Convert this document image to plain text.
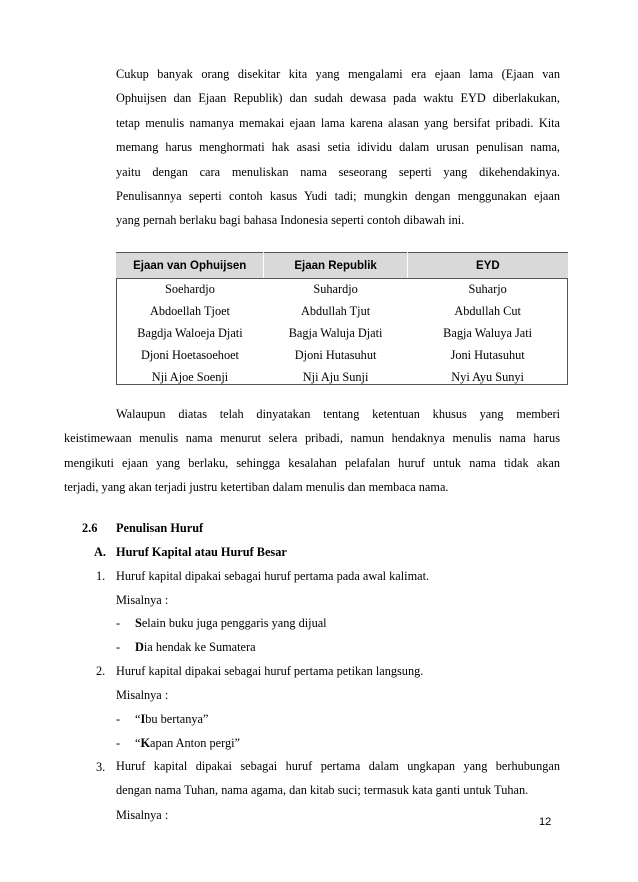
Cukup banyak orang disekitar kita yang mengalami era ejaan lama (Ejaan van
Ophuijsen dan Ejaan Republik) dan sudah dewasa pada waktu EYD diberlakukan,
tetap menulis namanya memakai ejaan lama karena alasan yang bersifat pribadi. Kita
memang harus menghormati hak asasi setia idividu dalam urusan penulisan nama,
yaitu dengan cara menuliskan nama seseorang seperti yang dikehendakinya.
Penulisannya seperti contoh kasus Yudi tadi; mungkin dengan menggunakan ejaan
yang pernah berlaku bagi bahasa Indonesia seperti contoh dibawah ini.
Ejaan van Ophuijsen	Ejaan Republik	EYD
Soehardjo	Suhardjo	Suharjo
Abdoellah Tjoet	Abdullah Tjut	Abdullah Cut
Bagdja Waloeja Djati	Bagja Waluja Djati	Bagja Waluya Jati
Djoni Hoetasoehoet	Djoni Hutasuhut	Joni Hutasuhut
Nji Ajoe Soenji	Nji Aju Sunji	Nyi Ayu Sunyi
Walaupun diatas telah dinyatakan tentang ketentuan khusus yang memberi
keistimewaan menulis nama menurut selera pribadi, namun hendaknya menulis nama harus
mengikuti ejaan yang berlaku, sehingga kesalahan pelafalan huruf untuk nama tidak akan
terjadi, yang akan terjadi justru ketertiban dalam menulis dan membaca nama.
2.6 Penulisan Huruf
A. Huruf Kapital atau Huruf Besar
1. Huruf kapital dipakai sebagai huruf pertama pada awal kalimat.
Misalnya :
- Selain buku juga penggaris yang dijual
- Dia hendak ke Sumatera
2. Huruf kapital dipakai sebagai huruf pertama petikan langsung.
Misalnya :
- “Ibu bertanya”
- “Kapan Anton pergi”
3. Huruf kapital dipakai sebagai huruf pertama dalam ungkapan yang berhubungan
dengan nama Tuhan, nama agama, dan kitab suci; termasuk kata ganti untuk Tuhan.
Misalnya :	12
